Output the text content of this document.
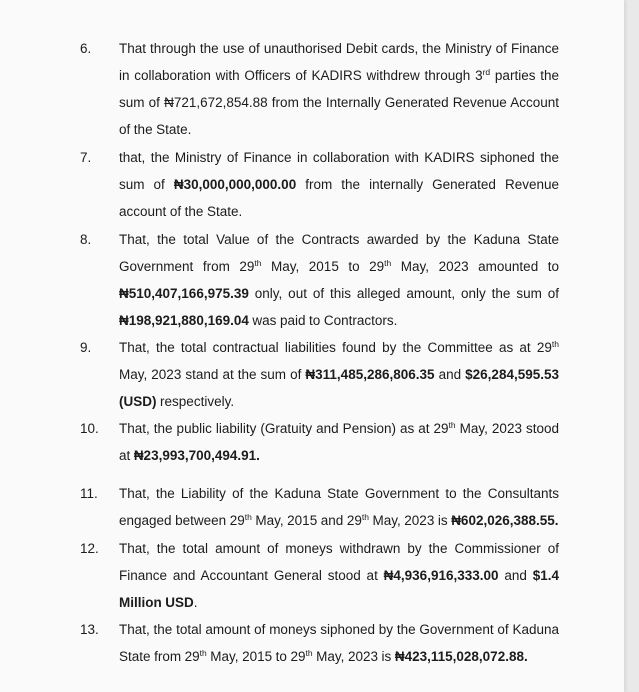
6. That through the use of unauthorised Debit cards, the Ministry of Finance in collaboration with Officers of KADIRS withdrew through 3rd parties the sum of ₦721,672,854.88 from the Internally Generated Revenue Account of the State.
7. that, the Ministry of Finance in collaboration with KADIRS siphoned the sum of ₦30,000,000,000.00 from the internally Generated Revenue account of the State.
8. That, the total Value of the Contracts awarded by the Kaduna State Government from 29th May, 2015 to 29th May, 2023 amounted to ₦510,407,166,975.39 only, out of this alleged amount, only the sum of ₦198,921,880,169.04 was paid to Contractors.
9. That, the total contractual liabilities found by the Committee as at 29th May, 2023 stand at the sum of ₦311,485,286,806.35 and $26,284,595.53 (USD) respectively.
10. That, the public liability (Gratuity and Pension) as at 29th May, 2023 stood at ₦23,993,700,494.91.
11. That, the Liability of the Kaduna State Government to the Consultants engaged between 29th May, 2015 and 29th May, 2023 is ₦602,026,388.55.
12. That, the total amount of moneys withdrawn by the Commissioner of Finance and Accountant General stood at ₦4,936,916,333.00 and $1.4 Million USD.
13. That, the total amount of moneys siphoned by the Government of Kaduna State from 29th May, 2015 to 29th May, 2023 is ₦423,115,028,072.88.
